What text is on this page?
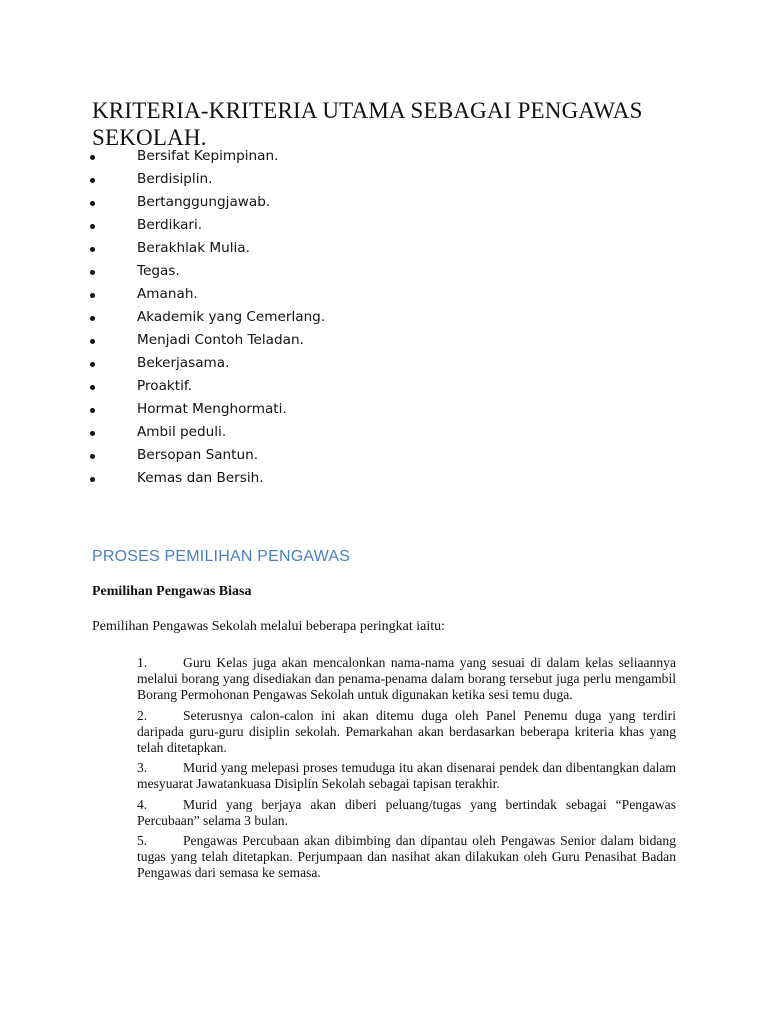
KRITERIA-KRITERIA UTAMA SEBAGAI PENGAWAS
SEKOLAH.
Bersifat Kepimpinan.
Berdisiplin.
Bertanggungjawab.
Berdikari.
Berakhlak Mulia.
Tegas.
Amanah.
Akademik yang Cemerlang.
Menjadi Contoh Teladan.
Bekerjasama.
Proaktif.
Hormat Menghormati.
Ambil peduli.
Bersopan Santun.
Kemas dan Bersih.
PROSES PEMILIHAN PENGAWAS
Pemilihan Pengawas Biasa

Pemilihan Pengawas Sekolah melalui beberapa peringkat iaitu:

1.	Guru Kelas juga akan mencalonkan nama-nama yang sesuai di dalam kelas seliaannya melalui borang yang disediakan dan penama-penama dalam borang tersebut juga perlu mengambil Borang Permohonan Pengawas Sekolah untuk digunakan ketika sesi temu duga.
2.	Seterusnya calon-calon ini akan ditemu duga oleh Panel Penemu duga yang terdiri daripada guru-guru disiplin sekolah. Pemarkahan akan berdasarkan beberapa kriteria khas yang telah ditetapkan.
3.	Murid yang melepasi proses temuduga itu akan disenarai pendek dan dibentangkan dalam mesyuarat Jawatankuasa Disiplin Sekolah sebagai tapisan terakhir.
4.	Murid yang berjaya akan diberi peluang/tugas yang bertindak sebagai “Pengawas Percubaan” selama 3 bulan.
5.	Pengawas Percubaan akan dibimbing dan dipantau oleh Pengawas Senior dalam bidang tugas yang telah ditetapkan. Perjumpaan dan nasihat akan dilakukan oleh Guru Penasihat Badan Pengawas dari semasa ke semasa.
